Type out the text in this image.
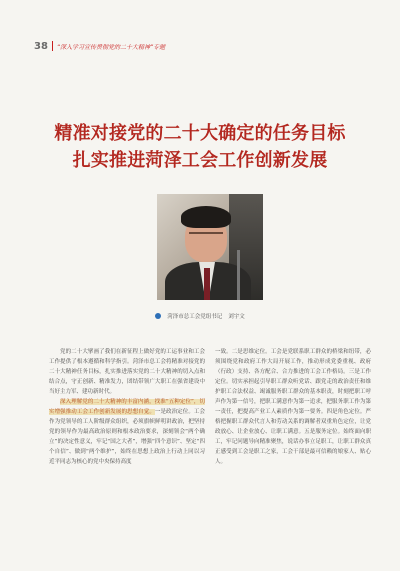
38 “深入学习宣传贯彻党的二十大精神”专题
精准对接党的二十大确定的任务目标
扎实推进菏泽工会工作创新发展
菏泽市总工会党组书记 刘宇文

党的二十大擘画了我们在新征程上做好党的工运事业和工会工作提供了根本遵循和科学指引。菏泽市总工会将精准对接党的二十大精神任务目标，扎实推进落实党的二十大精神的切入点和结合点，守正创新、精准发力，团结带领广大职工在强省建设中当好主力军、建功新时代。

深入理解党的二十大精神的丰富内涵，找准“五种定位”，切实增强推动工会工作创新发展的思想自觉。一是政治定位。工会作为党领导的工人阶级群众组织，必须旗帜鲜明讲政治，把坚持党的领导作为最高政治原则和根本政治要求，深刻领会“两个确立”的决定性意义，牢记“国之大者”，增强“四个意识”、坚定“四个自信”、做到“两个维护”，始终在思想上政治上行动上同以习近平同志为核心的党中央保持高度

一致。二是思维定位。工会是党联系职工群众的桥梁和纽带，必须围绕党和政府工作大局开展工作，推动形成党委重视、政府（行政）支持、各方配合、合力推进的工会工作格局。三是工作定位。切实承担起引导职工群众听党话、跟党走的政治责任和维护职工合法权益、竭诚服务职工群众的基本职责，时刻把职工呼声作为第一信号，把职工满意作为第一追求，把服务职工作为第一责任，把提高产业工人素质作为第一要务。四是角色定位。严格把握职工群众代言人和劳动关系的调解者双重角色定位，让党政放心、让企业放心、让职工满意。五是服务定位。始终面向职工，牢记问题导向精准聚焦，说话办事立足职工，让职工群众真正感受到工会是职工之家，工会干部是最可信赖的娘家人、贴心人。
